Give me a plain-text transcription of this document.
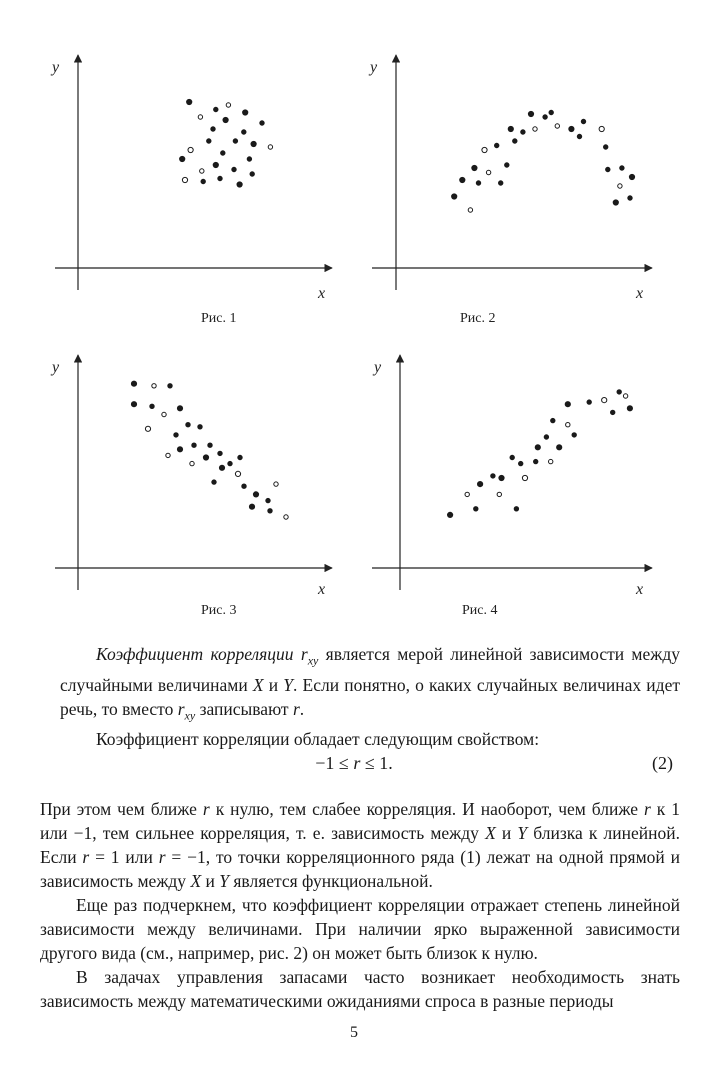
y
x
Рис. 1
y
x
Рис. 2
y
x
Рис. 3
y
x
Рис. 4

Коэффициент корреляции $r_{xy}$ является мерой линейной зависимости между случайными величинами X и Y. Если понятно, о каких случайных величинах идет речь, то вместо $r_{xy}$ записывают r.

Коэффициент корреляции обладает следующим свойством:

−1 ≤ r ≤ 1.	(2)

При этом чем ближе r к нулю, тем слабее корреляция. И наоборот, чем ближе r к 1 или −1, тем сильнее корреляция, т. е. зависимость между X и Y близка к линейной. Если r = 1 или r = −1, то точки корреляционного ряда (1) лежат на одной прямой и зависимость между X и Y является функциональной.

Еще раз подчеркнем, что коэффициент корреляции отражает степень линейной зависимости между величинами. При наличии ярко выраженной зависимости другого вида (см., например, рис. 2) он может быть близок к нулю.

В задачах управления запасами часто возникает необходимость знать зависимость между математическими ожиданиями спроса в разные периоды

5
